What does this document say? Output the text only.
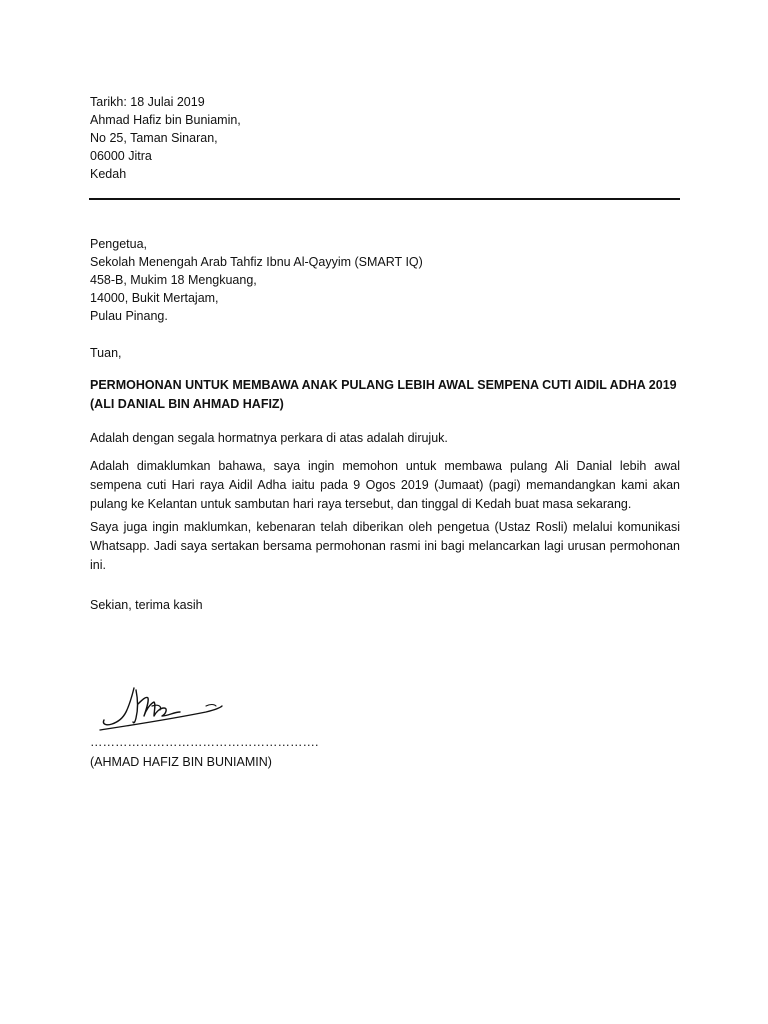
Tarikh: 18 Julai 2019
Ahmad Hafiz bin Buniamin,
No 25, Taman Sinaran,
06000 Jitra
Kedah
Pengetua,
Sekolah Menengah Arab Tahfiz Ibnu Al-Qayyim (SMART IQ)
458-B, Mukim 18 Mengkuang,
14000, Bukit Mertajam,
Pulau Pinang.
Tuan,
PERMOHONAN UNTUK MEMBAWA ANAK PULANG LEBIH AWAL SEMPENA CUTI AIDIL ADHA 2019 (ALI DANIAL BIN AHMAD HAFIZ)

Adalah dengan segala hormatnya perkara di atas adalah dirujuk.

Adalah dimaklumkan bahawa, saya ingin memohon untuk membawa pulang Ali Danial lebih awal sempena cuti Hari raya Aidil Adha iaitu pada 9 Ogos 2019 (Jumaat) (pagi) memandangkan kami akan pulang ke Kelantan untuk sambutan hari raya tersebut, dan tinggal di Kedah buat masa sekarang.

Saya juga ingin maklumkan, kebenaran telah diberikan oleh pengetua (Ustaz Rosli) melalui komunikasi Whatsapp. Jadi saya sertakan bersama permohonan rasmi ini bagi melancarkan lagi urusan permohonan ini.

Sekian, terima kasih
……………………………………………….
(AHMAD HAFIZ BIN BUNIAMIN)
